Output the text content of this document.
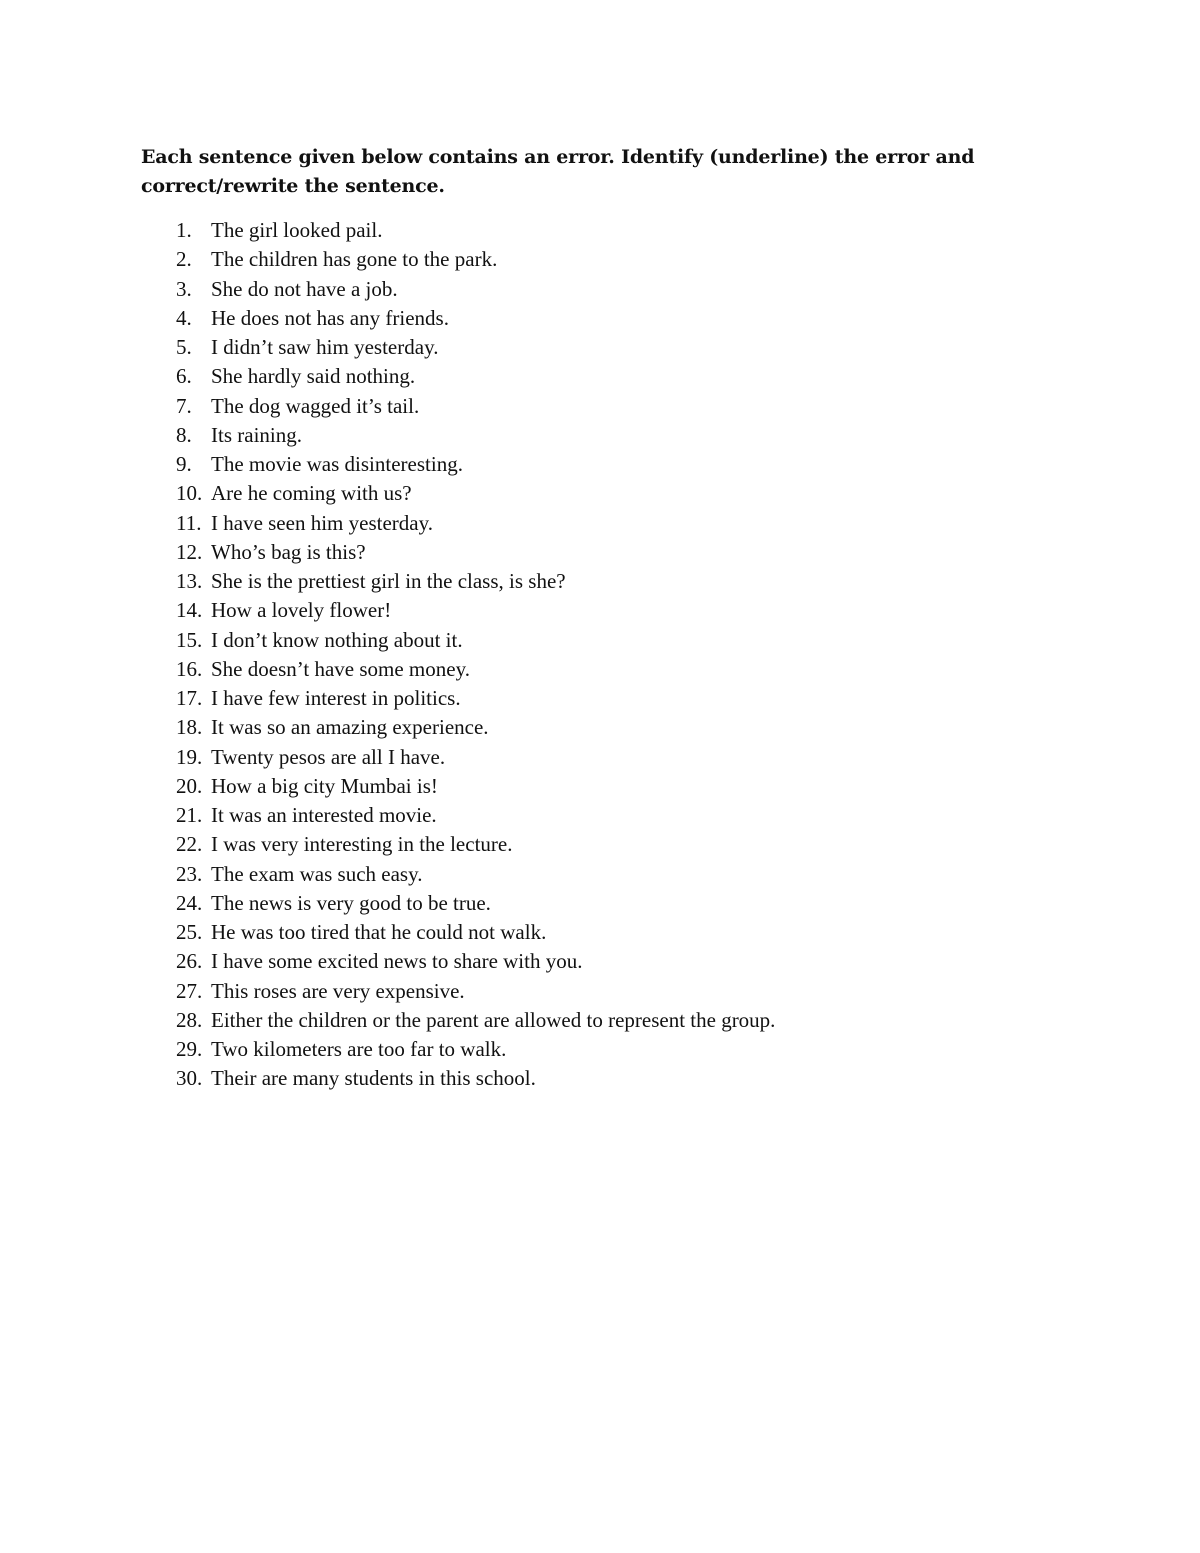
Each sentence given below contains an error. Identify (underline) the error and correct/rewrite the sentence.

1. The girl looked pail.
2. The children has gone to the park.
3. She do not have a job.
4. He does not has any friends.
5. I didn’t saw him yesterday.
6. She hardly said nothing.
7. The dog wagged it’s tail.
8. Its raining.
9. The movie was disinteresting.
10. Are he coming with us?
11. I have seen him yesterday.
12. Who’s bag is this?
13. She is the prettiest girl in the class, is she?
14. How a lovely flower!
15. I don’t know nothing about it.
16. She doesn’t have some money.
17. I have few interest in politics.
18. It was so an amazing experience.
19. Twenty pesos are all I have.
20. How a big city Mumbai is!
21. It was an interested movie.
22. I was very interesting in the lecture.
23. The exam was such easy.
24. The news is very good to be true.
25. He was too tired that he could not walk.
26. I have some excited news to share with you.
27. This roses are very expensive.
28. Either the children or the parent are allowed to represent the group.
29. Two kilometers are too far to walk.
30. Their are many students in this school.
